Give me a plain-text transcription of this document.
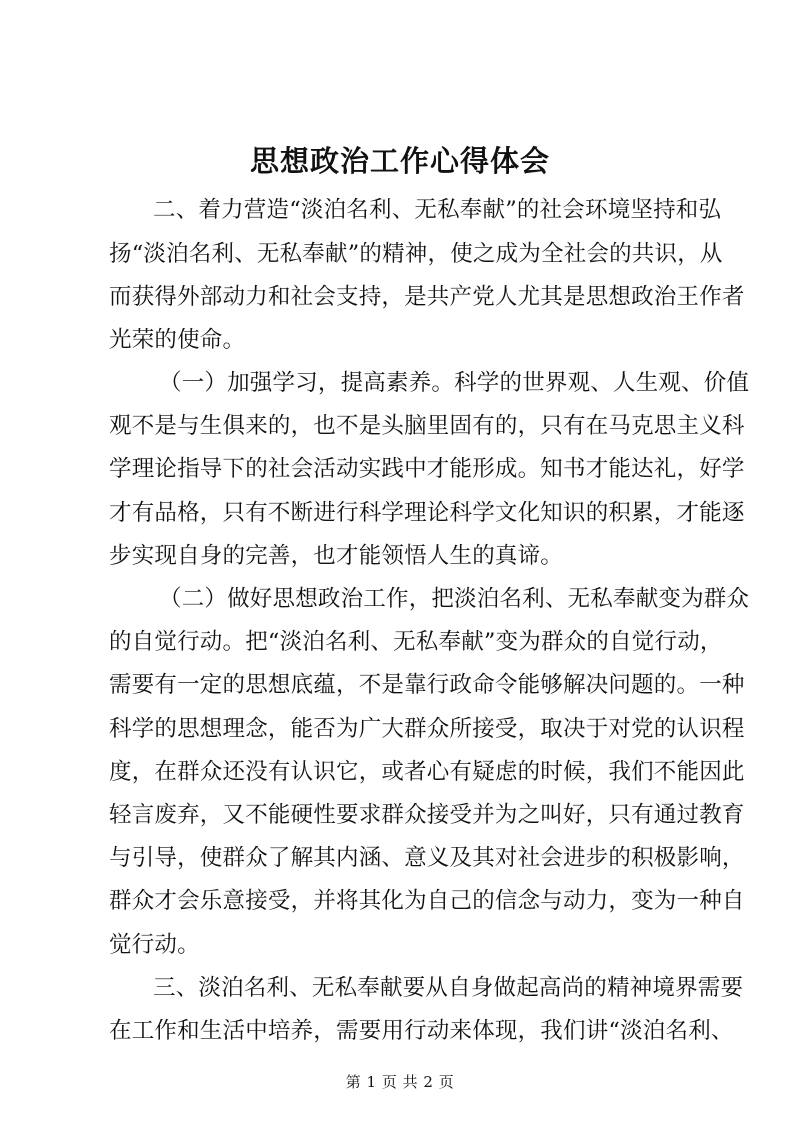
思想政治工作心得体会
二、着力营造“淡泊名利、无私奉献”的社会环境坚持和弘
扬“淡泊名利、无私奉献”的精神，使之成为全社会的共识，从
而获得外部动力和社会支持，是共产党人尤其是思想政治王作者
光荣的使命。
（一）加强学习，提高素养。科学的世界观、人生观、价值
观不是与生俱来的，也不是头脑里固有的，只有在马克思主义科
学理论指导下的社会活动实践中才能形成。知书才能达礼，好学
才有品格，只有不断进行科学理论科学文化知识的积累，才能逐
步实现自身的完善，也才能领悟人生的真谛。
（二）做好思想政治工作，把淡泊名利、无私奉献变为群众
的自觉行动。把“淡泊名利、无私奉献”变为群众的自觉行动，
需要有一定的思想底蕴，不是靠行政命令能够解决问题的。一种
科学的思想理念，能否为广大群众所接受，取决于对党的认识程
度，在群众还没有认识它，或者心有疑虑的时候，我们不能因此
轻言废弃，又不能硬性要求群众接受并为之叫好，只有通过教育
与引导，使群众了解其内涵、意义及其对社会进步的积极影响，
群众才会乐意接受，并将其化为自己的信念与动力，变为一种自
觉行动。
三、淡泊名利、无私奉献要从自身做起高尚的精神境界需要
在工作和生活中培养，需要用行动来体现，我们讲“淡泊名利、
第 1 页 共 2 页
